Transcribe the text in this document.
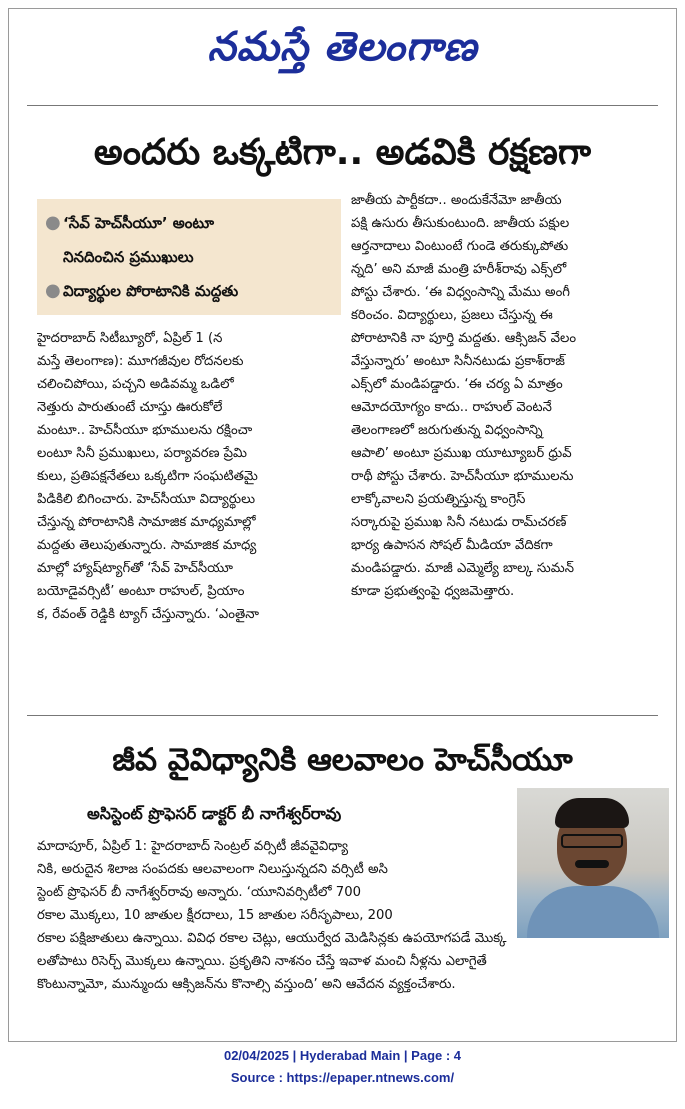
నమస్తే తెలంగాణ
అందరు ఒక్కటిగా.. అడవికి రక్షణగా
● ‘సేవ్ హెచ్‌సీయూ’ అంటూ
నినదించిన ప్రముఖులు
● విద్యార్థుల పోరాటానికి మద్దతు
హైదరాబాద్ సిటీబ్యూరో, ఏప్రిల్ 1 (న
మస్తే తెలంగాణ): మూగజీవుల రోదనలకు
చలించిపోయి, పచ్చని అడివమ్మ ఒడిలో
నెత్తురు పారుతుంటే చూస్తు ఊరుకోలే
మంటూ.. హెచ్‌సీయూ భూములను రక్షించా
లంటూ సినీ ప్రముఖులు, పర్యావరణ ప్రేమి
కులు, ప్రతిపక్షనేతలు ఒక్కటిగా సంఘటితమై
పిడికిలి బిగించారు. హెచ్‌సీయూ విద్యార్థులు
చేస్తున్న పోరాటానికి సామాజిక మాధ్యమాల్లో
మద్దతు తెలుపుతున్నారు. సామాజిక మాధ్య
మాల్లో హ్యాష్‌ట్యాగ్‌తో ‘సేవ్ హెచ్‌సీయూ
బయోడైవర్సిటీ’ అంటూ రాహుల్, ప్రియాం
క, రేవంత్ రెడ్డికి ట్యాగ్ చేస్తున్నారు. ‘ఎంతైనా
జాతీయ పార్టీకదా.. అందుకేనేమో జాతీయ
పక్షి ఉసురు తీసుకుంటుంది. జాతీయ పక్షుల
ఆర్తనాదాలు వింటుంటే గుండె తరుక్కుపోతు
న్నది’ అని మాజీ మంత్రి హరీశ్‌రావు ఎక్స్‌లో
పోస్టు చేశారు. ‘ఈ విధ్వంసాన్ని మేము అంగీ
కరించం. విద్యార్థులు, ప్రజలు చేస్తున్న ఈ
పోరాటానికి నా పూర్తి మద్దతు. ఆక్సిజన్ వేలం
వేస్తున్నారు’ అంటూ సినీనటుడు ప్రకాశ్‌రాజ్
ఎక్స్‌లో మండిపడ్డారు. ‘ఈ చర్య ఏ మాత్రం
ఆమోదయోగ్యం కాదు.. రాహుల్ వెంటనే
తెలంగాణలో జరుగుతున్న విధ్వంసాన్ని
ఆపాలి’ అంటూ ప్రముఖ యూట్యూబర్ ధ్రువ్
రాథీ పోస్టు చేశారు. హెచ్‌సీయూ భూములను
లాక్కోవాలని ప్రయత్నిస్తున్న కాంగ్రెస్
సర్కారుపై ప్రముఖ సినీ నటుడు రామ్‌చరణ్
భార్య ఉపాసన సోషల్ మీడియా వేదికగా
మండిపడ్డారు. మాజీ ఎమ్మెల్యే బాల్క సుమన్
కూడా ప్రభుత్వంపై ధ్వజమెత్తారు.
జీవ వైవిధ్యానికి ఆలవాలం హెచ్‌సీయూ
అసిస్టెంట్ ప్రొఫెసర్ డాక్టర్ బీ నాగేశ్వర్‌రావు
మాదాపూర్, ఏప్రిల్ 1: హైదరాబాద్ సెంట్రల్ వర్సిటీ జీవవైవిధ్యా
నికి, అరుదైన శిలాజ సంపదకు ఆలవాలంగా నిలుస్తున్నదని వర్సిటీ అసి
స్టెంట్ ప్రొఫెసర్ బీ నాగేశ్వర్‌రావు అన్నారు. ‘యూనివర్సిటీలో 700
రకాల మొక్కలు, 10 జాతుల క్షీరదాలు, 15 జాతుల సరీసృపాలు, 200
రకాల పక్షిజాతులు ఉన్నాయి. వివిధ రకాల చెట్లు, ఆయుర్వేద మెడిసిన్లకు ఉపయోగపడే మొక్క
లతోపాటు రిసెర్చ్ మొక్కలు ఉన్నాయి. ప్రకృతిని నాశనం చేస్తే ఇవాళ మంచి నీళ్లను ఎలాగైతే
కొంటున్నామో, మున్ముందు ఆక్సిజన్‌ను కొనాల్సి వస్తుంది’ అని ఆవేదన వ్యక్తంచేశారు.
02/04/2025 | Hyderabad Main | Page : 4
Source : https://epaper.ntnews.com/
